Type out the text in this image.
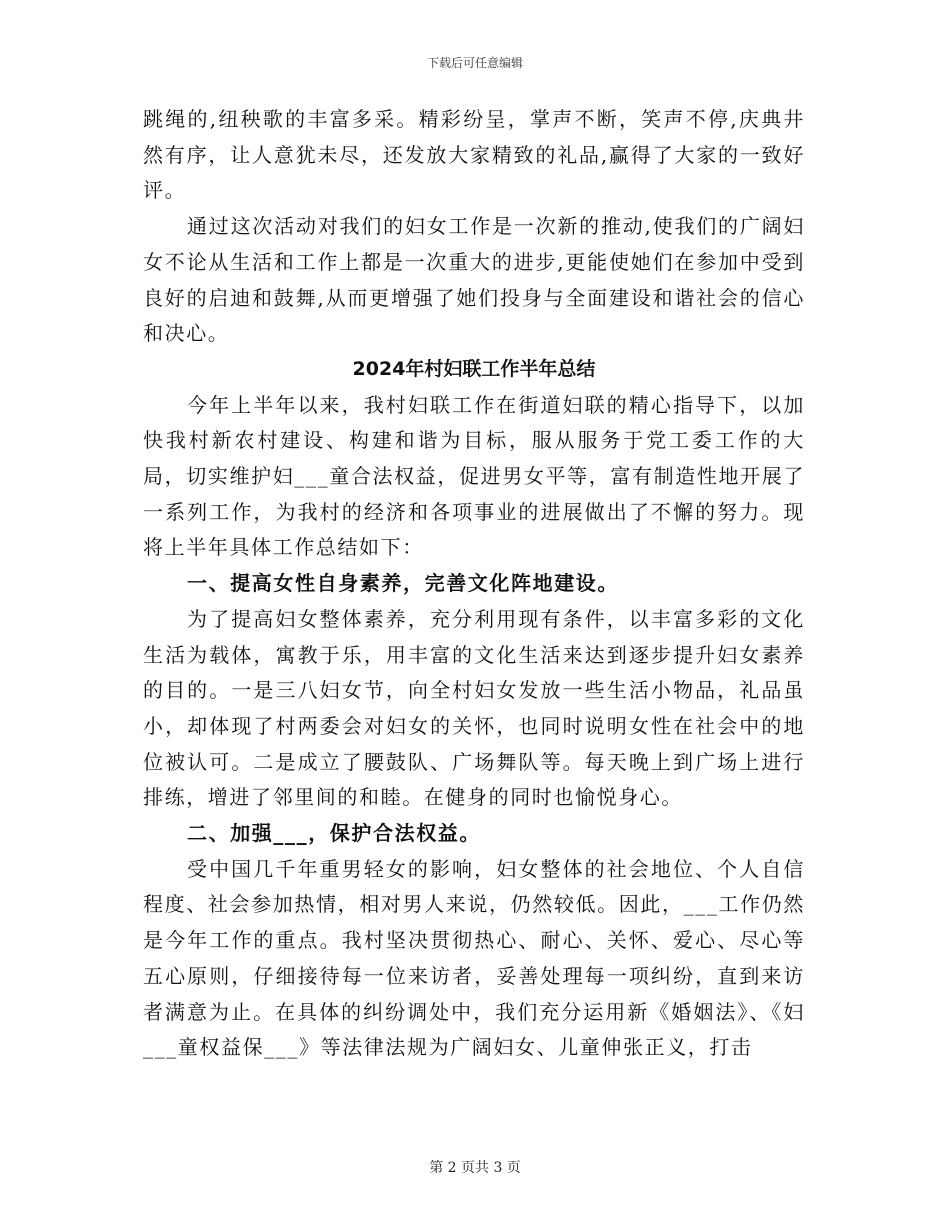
下载后可任意编辑

跳绳的,纽秧歌的丰富多采。精彩纷呈，掌声不断，笑声不停,庆典井然有序，让人意犹未尽，还发放大家精致的礼品,赢得了大家的一致好评。

通过这次活动对我们的妇女工作是一次新的推动,使我们的广阔妇女不论从生活和工作上都是一次重大的进步,更能使她们在参加中受到良好的启迪和鼓舞,从而更增强了她们投身与全面建设和谐社会的信心和决心。

2024年村妇联工作半年总结

今年上半年以来，我村妇联工作在街道妇联的精心指导下，以加快我村新农村建设、构建和谐为目标，服从服务于党工委工作的大局，切实维护妇___童合法权益，促进男女平等，富有制造性地开展了一系列工作，为我村的经济和各项事业的进展做出了不懈的努力。现将上半年具体工作总结如下：

一、提高女性自身素养，完善文化阵地建设。

为了提高妇女整体素养，充分利用现有条件，以丰富多彩的文化生活为载体，寓教于乐，用丰富的文化生活来达到逐步提升妇女素养的目的。一是三八妇女节，向全村妇女发放一些生活小物品，礼品虽小，却体现了村两委会对妇女的关怀，也同时说明女性在社会中的地位被认可。二是成立了腰鼓队、广场舞队等。每天晚上到广场上进行排练，增进了邻里间的和睦。在健身的同时也愉悦身心。

二、加强___，保护合法权益。

受中国几千年重男轻女的影响，妇女整体的社会地位、个人自信程度、社会参加热情，相对男人来说，仍然较低。因此，___工作仍然是今年工作的重点。我村坚决贯彻热心、耐心、关怀、爱心、尽心等五心原则，仔细接待每一位来访者，妥善处理每一项纠纷，直到来访者满意为止。在具体的纠纷调处中，我们充分运用新《婚姻法》、《妇___童权益保___》等法律法规为广阔妇女、儿童伸张正义，打击

第 2 页共 3 页
